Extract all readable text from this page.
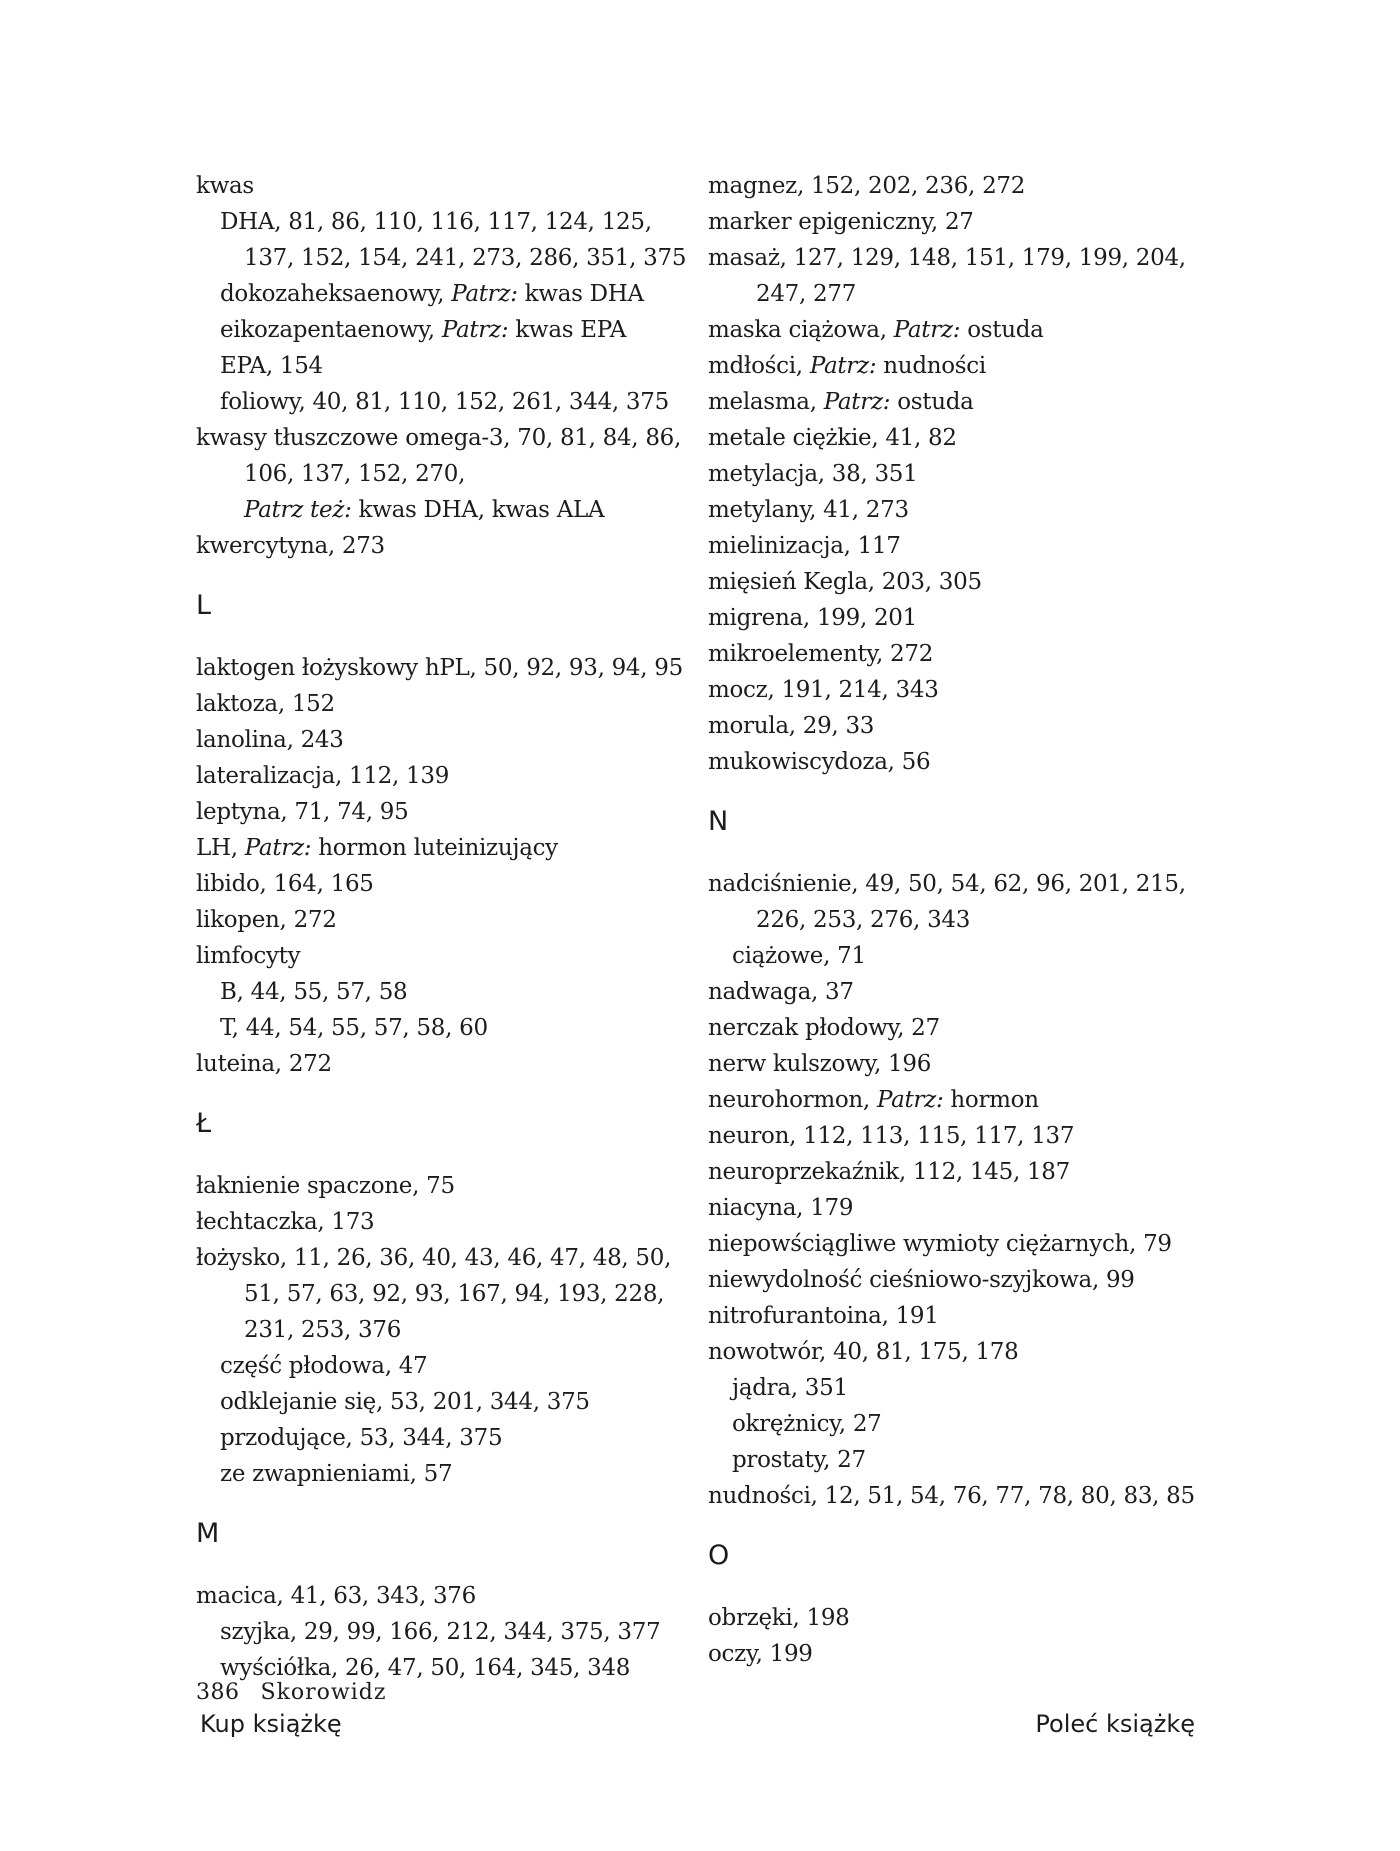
kwas
DHA, 81, 86, 110, 116, 117, 124, 125,
137, 152, 154, 241, 273, 286, 351, 375
dokozaheksaenowy, Patrz: kwas DHA
eikozapentaenowy, Patrz: kwas EPA
EPA, 154
foliowy, 40, 81, 110, 152, 261, 344, 375
kwasy tłuszczowe omega-3, 70, 81, 84, 86,
106, 137, 152, 270,
Patrz też: kwas DHA, kwas ALA
kwercytyna, 273
L
laktogen łożyskowy hPL, 50, 92, 93, 94, 95
laktoza, 152
lanolina, 243
lateralizacja, 112, 139
leptyna, 71, 74, 95
LH, Patrz: hormon luteinizujący
libido, 164, 165
likopen, 272
limfocyty
B, 44, 55, 57, 58
T, 44, 54, 55, 57, 58, 60
luteina, 272
Ł
łaknienie spaczone, 75
łechtaczka, 173
łożysko, 11, 26, 36, 40, 43, 46, 47, 48, 50,
51, 57, 63, 92, 93, 167, 94, 193, 228,
231, 253, 376
część płodowa, 47
odklejanie się, 53, 201, 344, 375
przodujące, 53, 344, 375
ze zwapnieniami, 57
M
macica, 41, 63, 343, 376
szyjka, 29, 99, 166, 212, 344, 375, 377
wyściółka, 26, 47, 50, 164, 345, 348
magnez, 152, 202, 236, 272
marker epigeniczny, 27
masaż, 127, 129, 148, 151, 179, 199, 204,
247, 277
maska ciążowa, Patrz: ostuda
mdłości, Patrz: nudności
melasma, Patrz: ostuda
metale ciężkie, 41, 82
metylacja, 38, 351
metylany, 41, 273
mielinizacja, 117
mięsień Kegla, 203, 305
migrena, 199, 201
mikroelementy, 272
mocz, 191, 214, 343
morula, 29, 33
mukowiscydoza, 56
N
nadciśnienie, 49, 50, 54, 62, 96, 201, 215,
226, 253, 276, 343
ciążowe, 71
nadwaga, 37
nerczak płodowy, 27
nerw kulszowy, 196
neurohormon, Patrz: hormon
neuron, 112, 113, 115, 117, 137
neuroprzekaźnik, 112, 145, 187
niacyna, 179
niepowściągliwe wymioty ciężarnych, 79
niewydolność cieśniowo-szyjkowa, 99
nitrofurantoina, 191
nowotwór, 40, 81, 175, 178
jądra, 351
okrężnicy, 27
prostaty, 27
nudności, 12, 51, 54, 76, 77, 78, 80, 83, 85
O
obrzęki, 198
oczy, 199
386 Skorowidz
Kup książkę	Poleć książkę
